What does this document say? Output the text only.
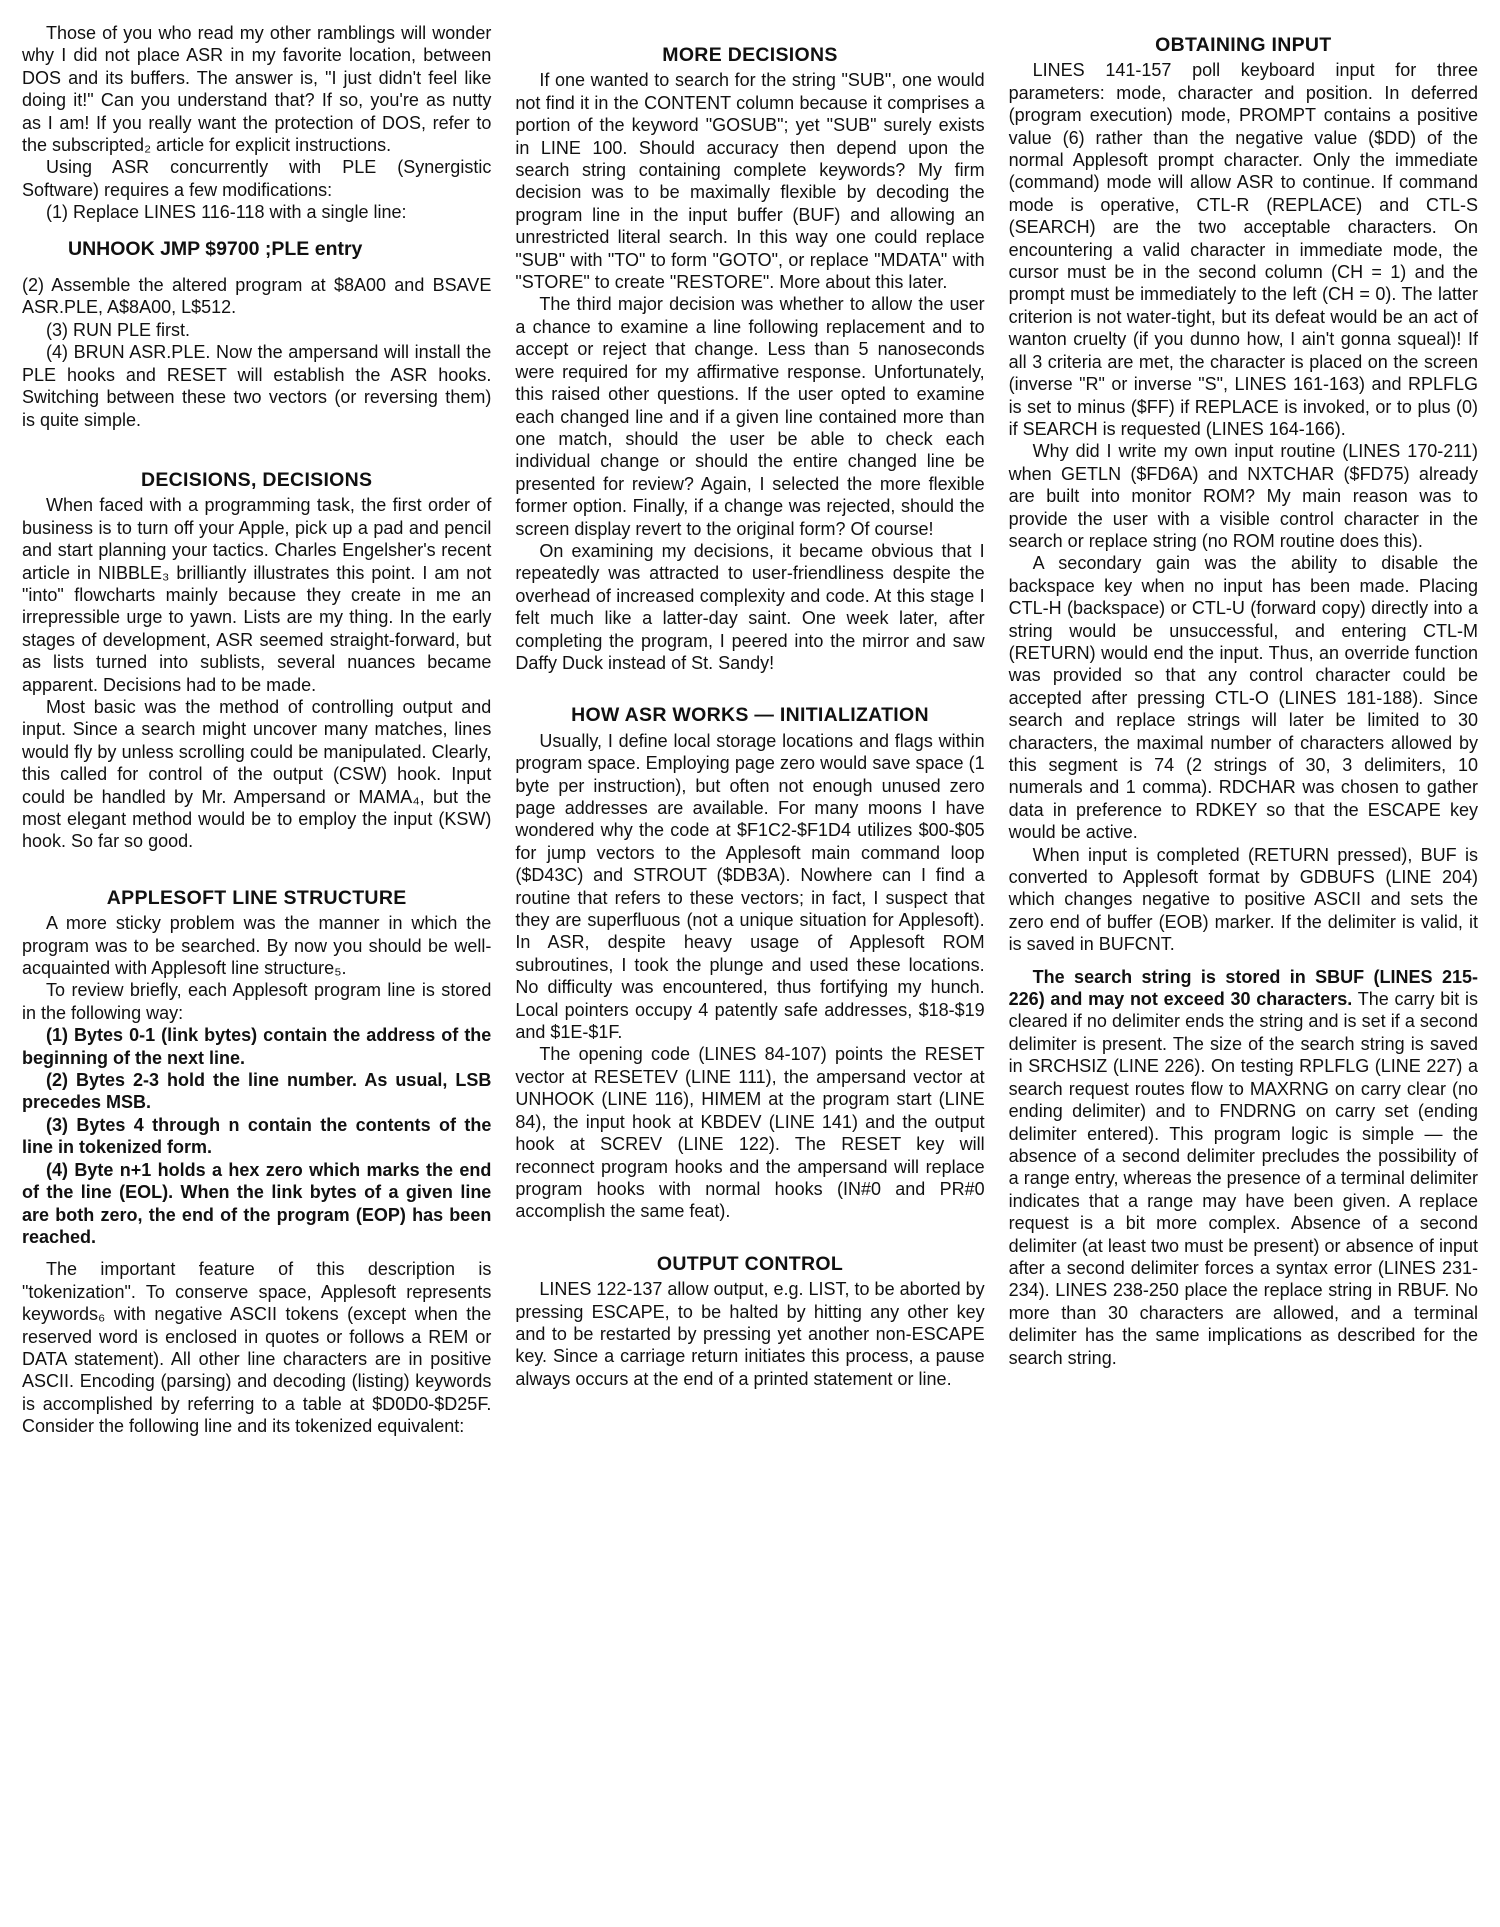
Those of you who read my other ramblings will wonder why I did not place ASR in my favorite location, between DOS and its buffers. The answer is, "I just didn't feel like doing it!" Can you understand that? If so, you're as nutty as I am! If you really want the protection of DOS, refer to the subscripted₂ article for explicit instructions.

Using ASR concurrently with PLE (Synergistic Software) requires a few modifications:

(1) Replace LINES 116-118 with a single line:

UNHOOK JMP $9700 ;PLE entry

(2) Assemble the altered program at $8A00 and BSAVE ASR.PLE, A$8A00, L$512.

(3) RUN PLE first.

(4) BRUN ASR.PLE. Now the ampersand will install the PLE hooks and RESET will establish the ASR hooks. Switching between these two vectors (or reversing them) is quite simple.

DECISIONS, DECISIONS

When faced with a programming task, the first order of business is to turn off your Apple, pick up a pad and pencil and start planning your tactics. Charles Engelsher's recent article in NIBBLE₃ brilliantly illustrates this point. I am not "into" flowcharts mainly because they create in me an irrepressible urge to yawn. Lists are my thing. In the early stages of development, ASR seemed straight-forward, but as lists turned into sublists, several nuances became apparent. Decisions had to be made.

Most basic was the method of controlling output and input. Since a search might uncover many matches, lines would fly by unless scrolling could be manipulated. Clearly, this called for control of the output (CSW) hook. Input could be handled by Mr. Ampersand or MAMA₄, but the most elegant method would be to employ the input (KSW) hook. So far so good.

APPLESOFT LINE STRUCTURE

A more sticky problem was the manner in which the program was to be searched. By now you should be well-acquainted with Applesoft line structure₅.

To review briefly, each Applesoft program line is stored in the following way:

(1) Bytes 0-1 (link bytes) contain the address of the beginning of the next line.

(2) Bytes 2-3 hold the line number. As usual, LSB precedes MSB.

(3) Bytes 4 through n contain the contents of the line in tokenized form.

(4) Byte n+1 holds a hex zero which marks the end of the line (EOL). When the link bytes of a given line are both zero, the end of the program (EOP) has been reached.

The important feature of this description is "tokenization". To conserve space, Applesoft represents keywords₆ with negative ASCII tokens (except when the reserved word is enclosed in quotes or follows a REM or DATA statement). All other line characters are in positive ASCII. Encoding (parsing) and decoding (listing) keywords is accomplished by referring to a table at $D0D0-$D25F. Consider the following line and its tokenized equivalent:

MORE DECISIONS

If one wanted to search for the string "SUB", one would not find it in the CONTENT column because it comprises a portion of the keyword "GOSUB"; yet "SUB" surely exists in LINE 100. Should accuracy then depend upon the search string containing complete keywords? My firm decision was to be maximally flexible by decoding the program line in the input buffer (BUF) and allowing an unrestricted literal search. In this way one could replace "SUB" with "TO" to form "GOTO", or replace "MDATA" with "STORE" to create "RESTORE". More about this later.

The third major decision was whether to allow the user a chance to examine a line following replacement and to accept or reject that change. Less than 5 nanoseconds were required for my affirmative response. Unfortunately, this raised other questions. If the user opted to examine each changed line and if a given line contained more than one match, should the user be able to check each individual change or should the entire changed line be presented for review? Again, I selected the more flexible former option. Finally, if a change was rejected, should the screen display revert to the original form? Of course!

On examining my decisions, it became obvious that I repeatedly was attracted to user-friendliness despite the overhead of increased complexity and code. At this stage I felt much like a latter-day saint. One week later, after completing the program, I peered into the mirror and saw Daffy Duck instead of St. Sandy!

HOW ASR WORKS — INITIALIZATION

Usually, I define local storage locations and flags within program space. Employing page zero would save space (1 byte per instruction), but often not enough unused zero page addresses are available. For many moons I have wondered why the code at $F1C2-$F1D4 utilizes $00-$05 for jump vectors to the Applesoft main command loop ($D43C) and STROUT ($DB3A). Nowhere can I find a routine that refers to these vectors; in fact, I suspect that they are superfluous (not a unique situation for Applesoft). In ASR, despite heavy usage of Applesoft ROM subroutines, I took the plunge and used these locations. No difficulty was encountered, thus fortifying my hunch. Local pointers occupy 4 patently safe addresses, $18-$19 and $1E-$1F.

The opening code (LINES 84-107) points the RESET vector at RESETEV (LINE 111), the ampersand vector at UNHOOK (LINE 116), HIMEM at the program start (LINE 84), the input hook at KBDEV (LINE 141) and the output hook at SCREV (LINE 122). The RESET key will reconnect program hooks and the ampersand will replace program hooks with normal hooks (IN#0 and PR#0 accomplish the same feat).

OUTPUT CONTROL

LINES 122-137 allow output, e.g. LIST, to be aborted by pressing ESCAPE, to be halted by hitting any other key and to be restarted by pressing yet another non-ESCAPE key. Since a carriage return initiates this process, a pause always occurs at the end of a printed statement or line.

OBTAINING INPUT

LINES 141-157 poll keyboard input for three parameters: mode, character and position. In deferred (program execution) mode, PROMPT contains a positive value (6) rather than the negative value ($DD) of the normal Applesoft prompt character. Only the immediate (command) mode will allow ASR to continue. If command mode is operative, CTL-R (REPLACE) and CTL-S (SEARCH) are the two acceptable characters. On encountering a valid character in immediate mode, the cursor must be in the second column (CH = 1) and the prompt must be immediately to the left (CH = 0). The latter criterion is not water-tight, but its defeat would be an act of wanton cruelty (if you dunno how, I ain't gonna squeal)! If all 3 criteria are met, the character is placed on the screen (inverse "R" or inverse "S", LINES 161-163) and RPLFLG is set to minus ($FF) if REPLACE is invoked, or to plus (0) if SEARCH is requested (LINES 164-166).

Why did I write my own input routine (LINES 170-211) when GETLN ($FD6A) and NXTCHAR ($FD75) already are built into monitor ROM? My main reason was to provide the user with a visible control character in the search or replace string (no ROM routine does this).

A secondary gain was the ability to disable the backspace key when no input has been made. Placing CTL-H (backspace) or CTL-U (forward copy) directly into a string would be unsuccessful, and entering CTL-M (RETURN) would end the input. Thus, an override function was provided so that any control character could be accepted after pressing CTL-O (LINES 181-188). Since search and replace strings will later be limited to 30 characters, the maximal number of characters allowed by this segment is 74 (2 strings of 30, 3 delimiters, 10 numerals and 1 comma). RDCHAR was chosen to gather data in preference to RDKEY so that the ESCAPE key would be active.

When input is completed (RETURN pressed), BUF is converted to Applesoft format by GDBUFS (LINE 204) which changes negative to positive ASCII and sets the zero end of buffer (EOB) marker. If the delimiter is valid, it is saved in BUFCNT.

The search string is stored in SBUF (LINES 215-226) and may not exceed 30 characters. The carry bit is cleared if no delimiter ends the string and is set if a second delimiter is present. The size of the search string is saved in SRCHSIZ (LINE 226). On testing RPLFLG (LINE 227) a search request routes flow to MAXRNG on carry clear (no ending delimiter) and to FNDRNG on carry set (ending delimiter entered). This program logic is simple — the absence of a second delimiter precludes the possibility of a range entry, whereas the presence of a terminal delimiter indicates that a range may have been given. A replace request is a bit more complex. Absence of a second delimiter (at least two must be present) or absence of input after a second delimiter forces a syntax error (LINES 231-234). LINES 238-250 place the replace string in RBUF. No more than 30 characters are allowed, and a terminal delimiter has the same implications as described for the search string.
